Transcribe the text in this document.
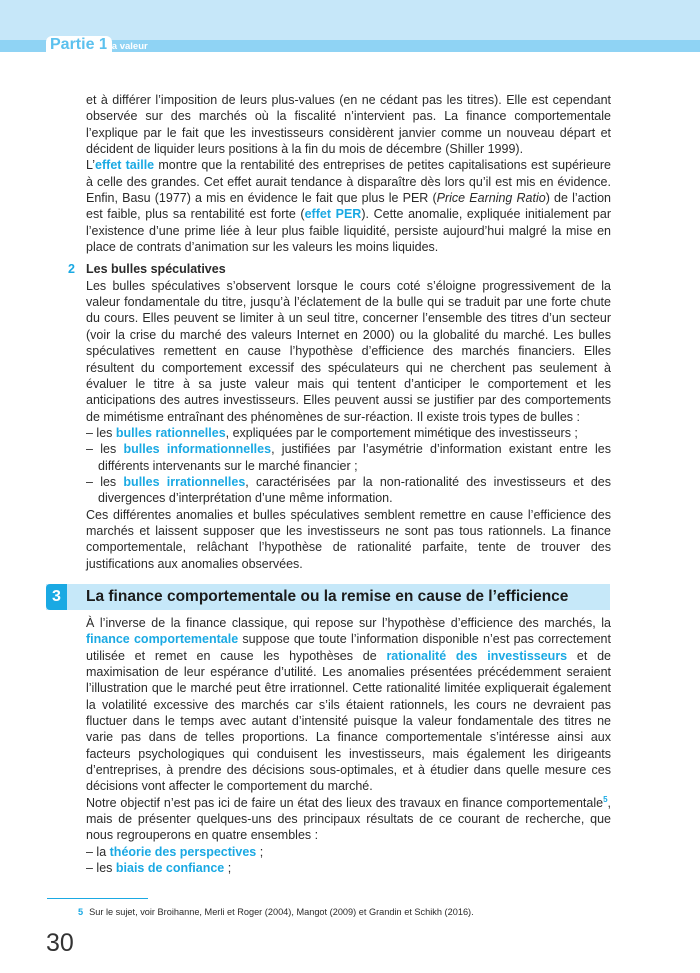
Partie 1
La valeur

et à différer l’imposition de leurs plus-values (en ne cédant pas les titres). Elle est cependant observée sur des marchés où la fiscalité n’intervient pas. La finance comportementale l’explique par le fait que les investisseurs considèrent janvier comme un nouveau départ et décident de liquider leurs positions à la fin du mois de décembre (Shiller 1999).

L’effet taille montre que la rentabilité des entreprises de petites capitalisations est supérieure à celle des grandes. Cet effet aurait tendance à disparaître dès lors qu’il est mis en évidence. Enfin, Basu (1977) a mis en évidence le fait que plus le PER (Price Earning Ratio) de l’action est faible, plus sa rentabilité est forte (effet PER). Cette anomalie, expliquée initialement par l’existence d’une prime liée à leur plus faible liquidité, persiste aujourd’hui malgré la mise en place de contrats d’animation sur les valeurs les moins liquides.

2 Les bulles spéculatives

Les bulles spéculatives s’observent lorsque le cours coté s’éloigne progressivement de la valeur fondamentale du titre, jusqu’à l’éclatement de la bulle qui se traduit par une forte chute du cours. Elles peuvent se limiter à un seul titre, concerner l’ensemble des titres d’un secteur (voir la crise du marché des valeurs Internet en 2000) ou la globalité du marché. Les bulles spéculatives remettent en cause l’hypothèse d’efficience des marchés financiers. Elles résultent du comportement excessif des spéculateurs qui ne cherchent pas seulement à évaluer le titre à sa juste valeur mais qui tentent d’anticiper le comportement et les anticipations des autres investisseurs. Elles peuvent aussi se justifier par des comportements de mimétisme entraînant des phénomènes de sur-réaction. Il existe trois types de bulles :

– les bulles rationnelles, expliquées par le comportement mimétique des investisseurs ;

– les bulles informationnelles, justifiées par l’asymétrie d’information existant entre les différents intervenants sur le marché financier ;

– les bulles irrationnelles, caractérisées par la non-rationalité des investisseurs et des divergences d’interprétation d’une même information.

Ces différentes anomalies et bulles spéculatives semblent remettre en cause l’efficience des marchés et laissent supposer que les investisseurs ne sont pas tous rationnels. La finance comportementale, relâchant l’hypothèse de rationalité parfaite, tente de trouver des justifications aux anomalies observées.

3	La finance comportementale ou la remise en cause de l’efficience

À l’inverse de la finance classique, qui repose sur l’hypothèse d’efficience des marchés, la finance comportementale suppose que toute l’information disponible n’est pas correctement utilisée et remet en cause les hypothèses de rationalité des investisseurs et de maximisation de leur espérance d’utilité. Les anomalies présentées précédemment seraient l’illustration que le marché peut être irrationnel. Cette rationalité limitée expliquerait également la volatilité excessive des marchés car s’ils étaient rationnels, les cours ne devraient pas fluctuer dans le temps avec autant d’intensité puisque la valeur fondamentale des titres ne varie pas dans de telles proportions. La finance comportementale s’intéresse ainsi aux facteurs psychologiques qui conduisent les investisseurs, mais également les dirigeants d’entreprises, à prendre des décisions sous-optimales, et à étudier dans quelle mesure ces décisions vont affecter le comportement du marché.

Notre objectif n’est pas ici de faire un état des lieux des travaux en finance comportementale$^5$, mais de présenter quelques-uns des principaux résultats de ce courant de recherche, que nous regrouperons en quatre ensembles :

– la théorie des perspectives ;

– les biais de confiance ;

5 Sur le sujet, voir Broihanne, Merli et Roger (2004), Mangot (2009) et Grandin et Schikh (2016).
30
